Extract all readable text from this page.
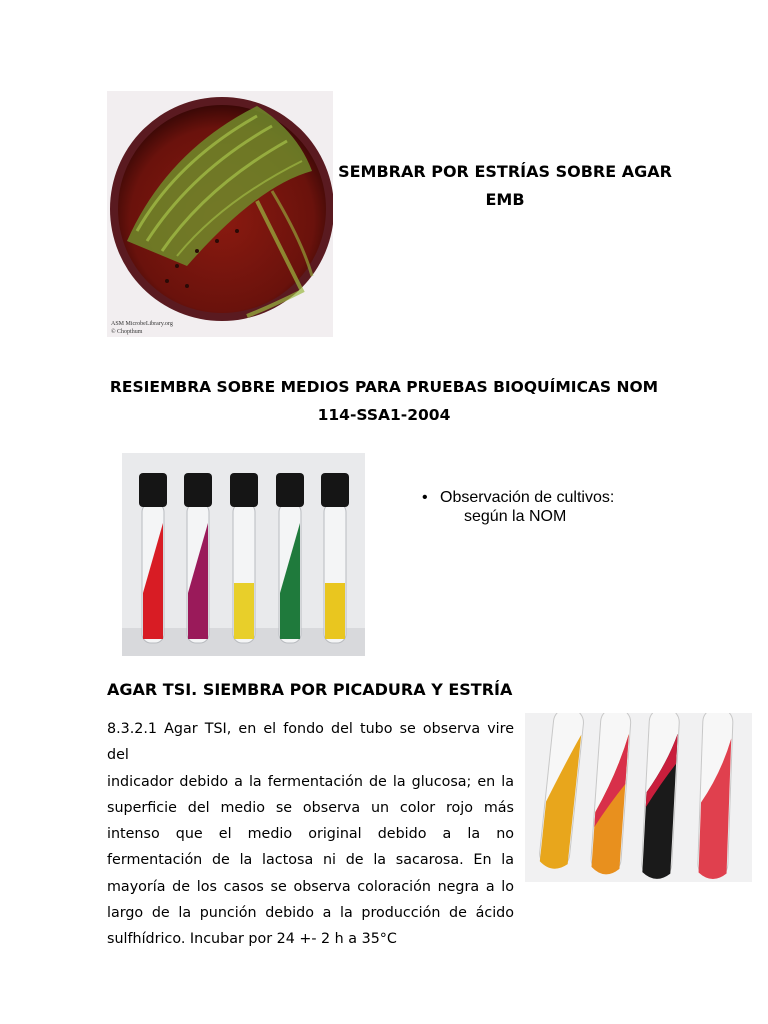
ASM MicrobeLibrary.org
© Chopthum
SEMBRAR POR ESTRÍAS SOBRE AGAR
EMB
RESIEMBRA SOBRE MEDIOS PARA PRUEBAS BIOQUÍMICAS NOM
114-SSA1-2004
• Observación de cultivos:
según la NOM
AGAR TSI. SIEMBRA POR PICADURA Y ESTRÍA
8.3.2.1 Agar TSI, en el fondo del tubo se observa vire del
indicador debido a la fermentación de la glucosa; en la
superficie del medio se observa un color rojo más
intenso que el medio original debido a la no
fermentación de la lactosa ni de la sacarosa. En la
mayoría de los casos se observa coloración negra a lo
largo de la punción debido a la producción de ácido
sulfhídrico. Incubar por 24 +- 2 h a 35°C
